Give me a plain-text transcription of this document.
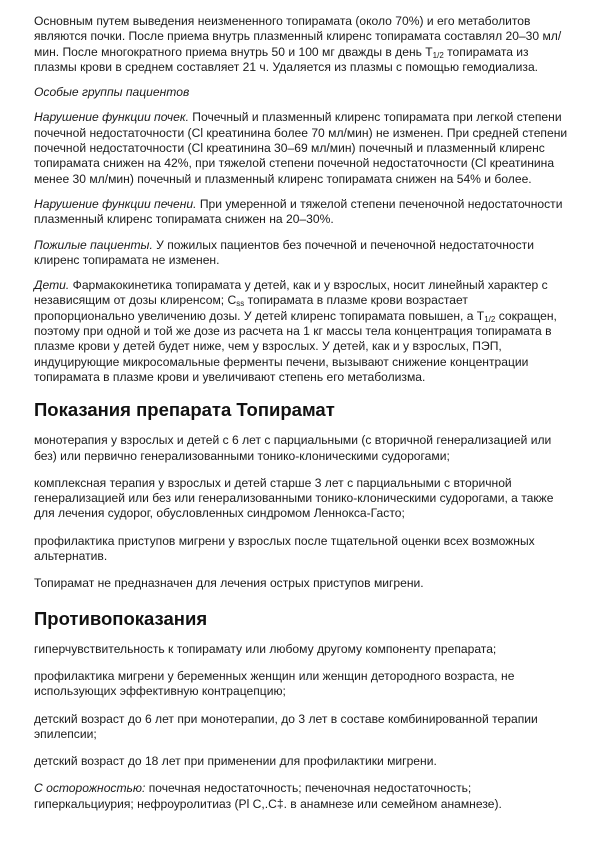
Основным путем выведения неизмененного топирамата (около 70%) и его метаболитов являются почки. После приема внутрь плазменный клиренс топирамата составлял 20–30 мл/мин. После многократного приема внутрь 50 и 100 мг дважды в день $Т_{1/2}$ топирамата из плазмы крови в среднем составляет 21 ч. Удаляется из плазмы с помощью гемодиализа.

Особые группы пациентов

Нарушение функции почек. Почечный и плазменный клиренс топирамата при легкой степени почечной недостаточности (Cl креатинина более 70 мл/мин) не изменен. При средней степени почечной недостаточности (Cl креатинина 30–69 мл/мин) почечный и плазменный клиренс топирамата снижен на 42%, при тяжелой степени почечной недостаточности (Cl креатинина менее 30 мл/мин) почечный и плазменный клиренс топирамата снижен на 54% и более.

Нарушение функции печени. При умеренной и тяжелой степени печеночной недостаточности плазменный клиренс топирамата снижен на 20–30%.

Пожилые пациенты. У пожилых пациентов без почечной и печеночной недостаточности клиренс топирамата не изменен.

Дети. Фармакокинетика топирамата у детей, как и у взрослых, носит линейный характер с независящим от дозы клиренсом; $C_{ss}$ топирамата в плазме крови возрастает пропорционально увеличению дозы. У детей клиренс топирамата повышен, а $Т_{1/2}$ сокращен, поэтому при одной и той же дозе из расчета на 1 кг массы тела концентрация топирамата в плазме крови у детей будет ниже, чем у взрослых. У детей, как и у взрослых, ПЭП, индуцирующие микросомальные ферменты печени, вызывают снижение концентрации топирамата в плазме крови и увеличивают степень его метаболизма.

Показания препарата Топирамат

монотерапия у взрослых и детей с 6 лет с парциальными (с вторичной генерализацией или без) или первично генерализованными тонико-клоническими судорогами;

комплексная терапия у взрослых и детей старше 3 лет с парциальными с вторичной генерализацией или без или генерализованными тонико-клоническими судорогами, а также для лечения судорог, обусловленных синдромом Леннокса-Гасто;

профилактика приступов мигрени у взрослых после тщательной оценки всех возможных альтернатив.

Топирамат не предназначен для лечения острых приступов мигрени.

Противопоказания

гиперчувствительность к топирамату или любому другому компоненту препарата;

профилактика мигрени у беременных женщин или женщин детородного возраста, не использующих эффективную контрацепцию;

детский возраст до 6 лет при монотерапии, до 3 лет в составе комбинированной терапии эпилепсии;

детский возраст до 18 лет при применении для профилактики мигрени.

С осторожностью: почечная недостаточность; печеночная недостаточность; гиперкальциурия; нефроуролитиаз (Pl С,.С‡. в анамнезе или семейном анамнезе).
